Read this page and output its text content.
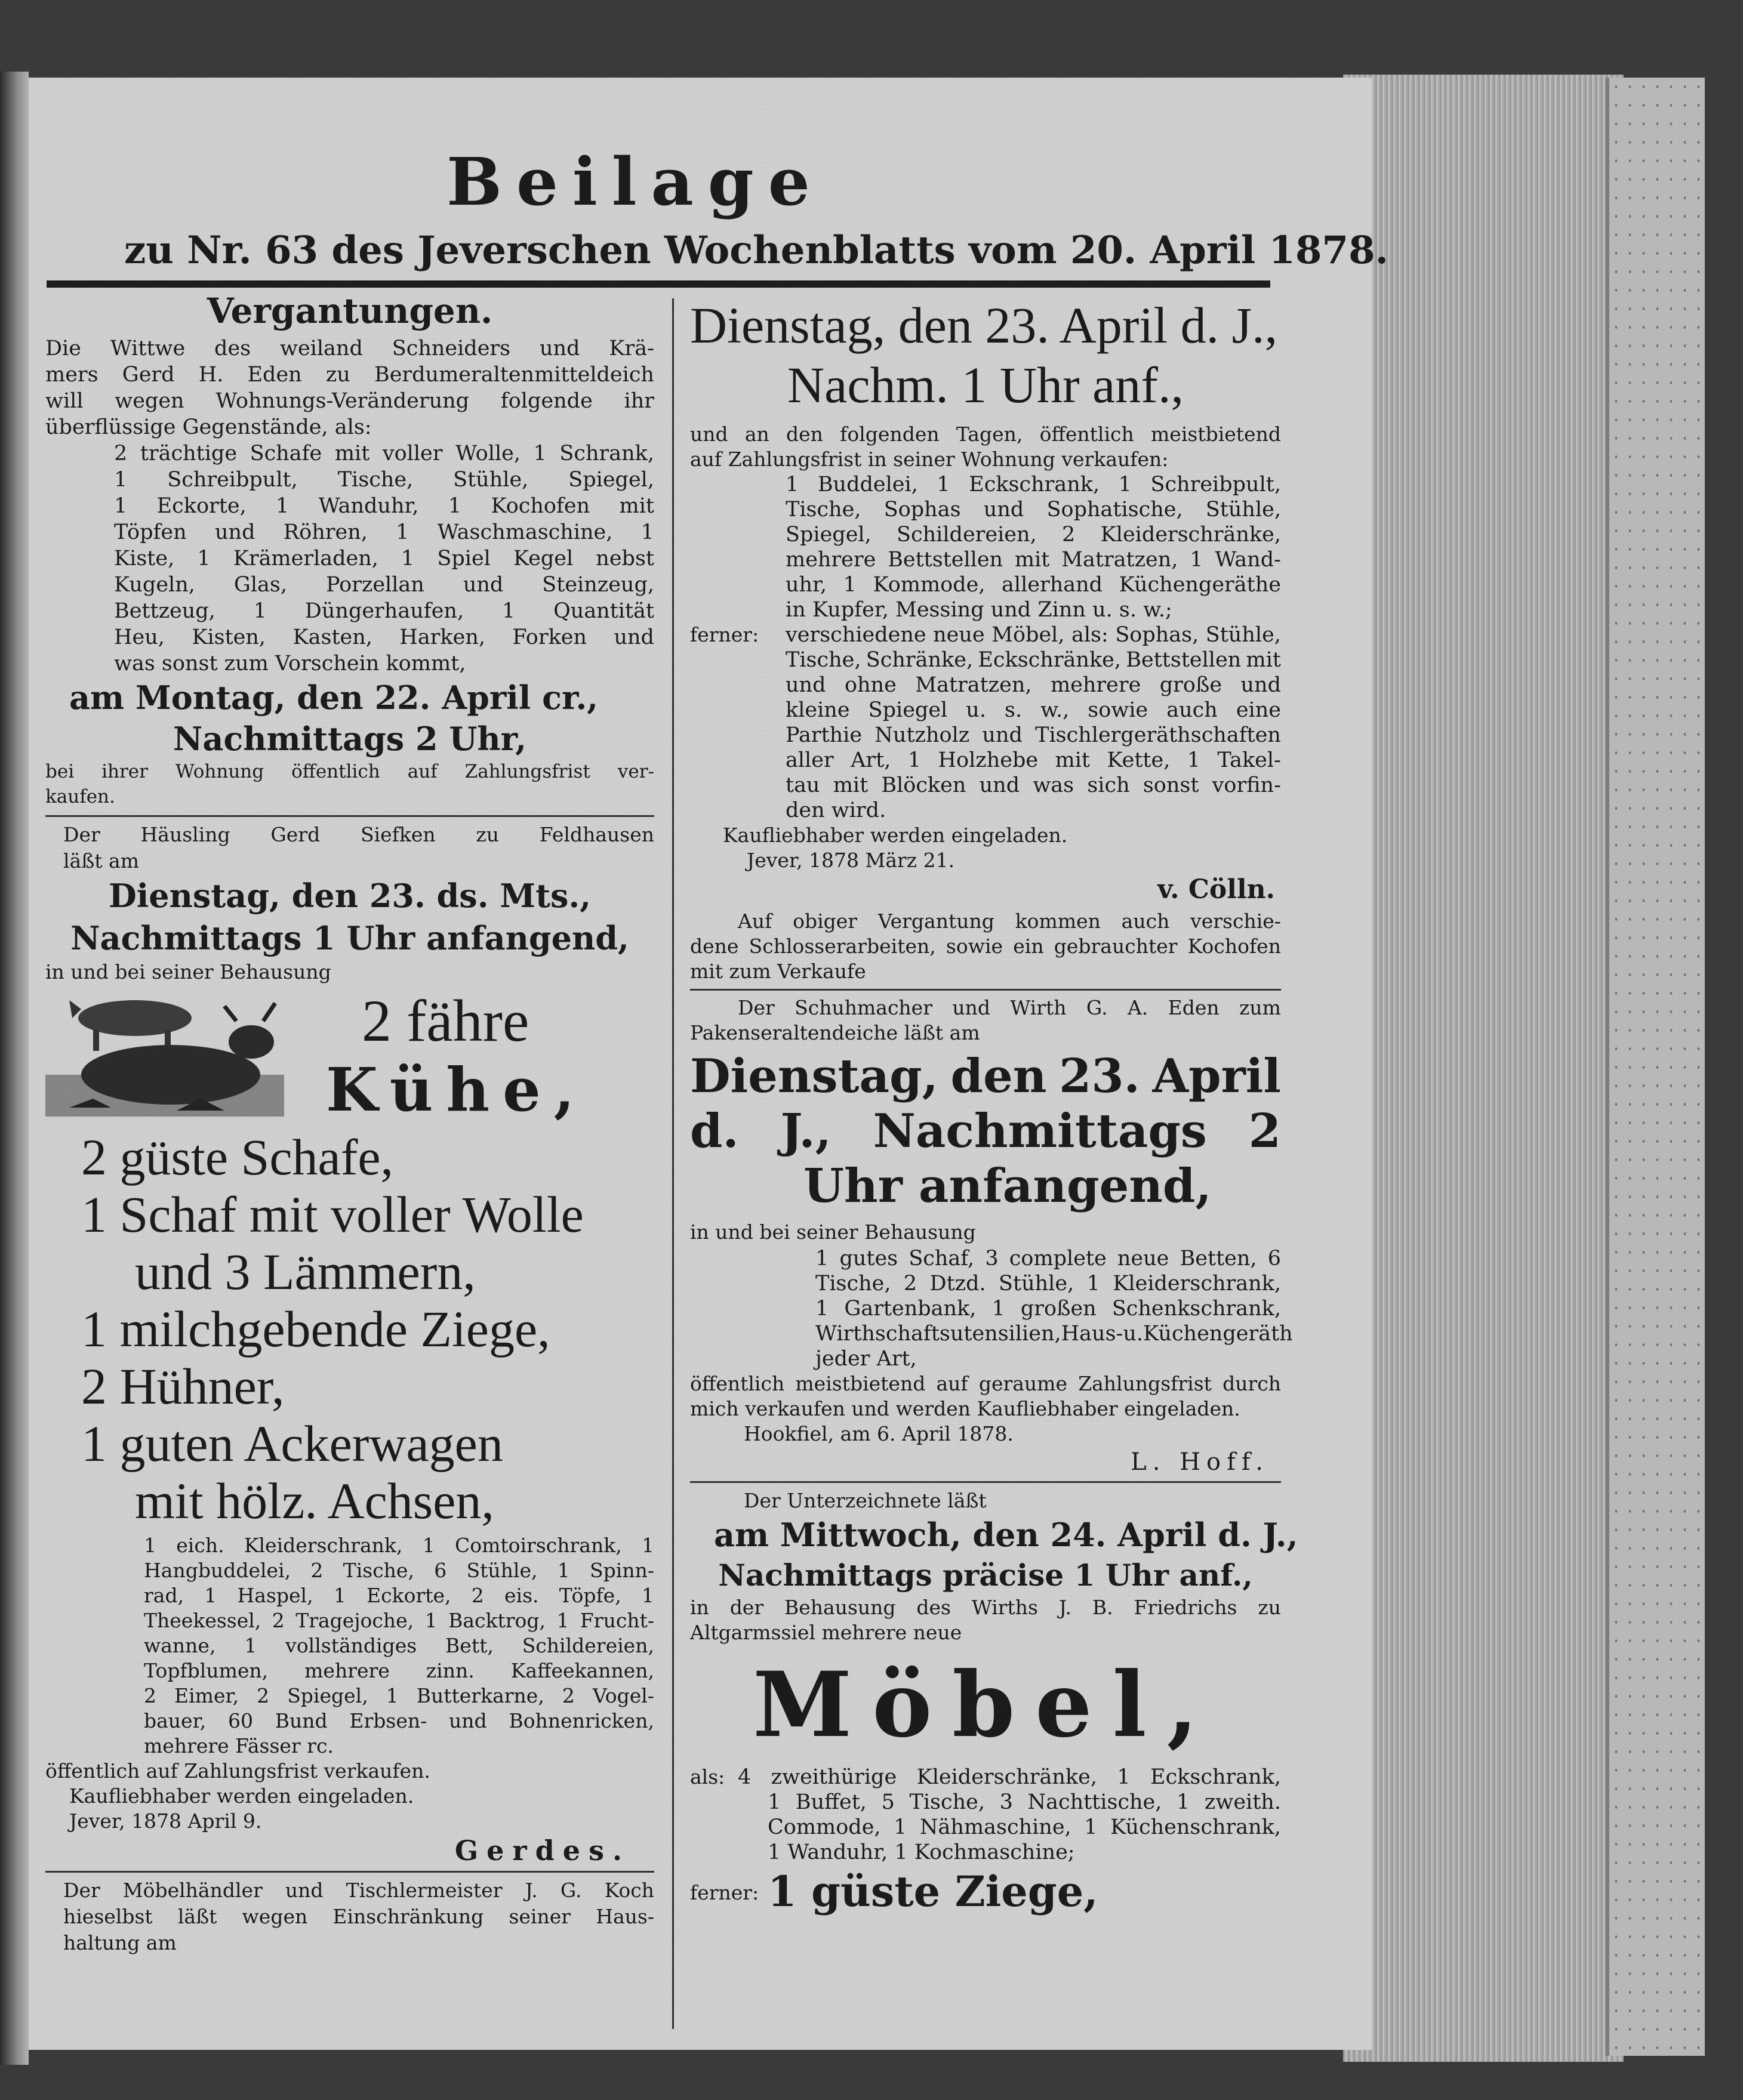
Beilage
zu Nr. 63 des Jeverschen Wochenblatts vom 20. April 1878.
Vergantungen.
Die Wittwe des weiland Schneiders und Krä-
mers Gerd H. Eden zu Berdumeraltenmitteldeich
will wegen Wohnungs-Veränderung folgende ihr
überflüssige Gegenstände, als:
2 trächtige Schafe mit voller Wolle, 1 Schrank,
1 Schreibpult, Tische, Stühle, Spiegel,
1 Eckorte, 1 Wanduhr, 1 Kochofen mit
Töpfen und Röhren, 1 Waschmaschine, 1
Kiste, 1 Krämerladen, 1 Spiel Kegel nebst
Kugeln, Glas, Porzellan und Steinzeug,
Bettzeug, 1 Düngerhaufen, 1 Quantität
Heu, Kisten, Kasten, Harken, Forken und
was sonst zum Vorschein kommt,
am Montag, den 22. April cr.,
Nachmittags 2 Uhr,
bei ihrer Wohnung öffentlich auf Zahlungsfrist ver-
kaufen.
Der Häusling Gerd Siefken zu Feldhausen
läßt am
Dienstag, den 23. ds. Mts.,
Nachmittags 1 Uhr anfangend,
in und bei seiner Behausung
2 fähre
Kühe,
2 güste Schafe,
1 Schaf mit voller Wolle
und 3 Lämmern,
1 milchgebende Ziege,
2 Hühner,
1 guten Ackerwagen
mit hölz. Achsen,
1 eich. Kleiderschrank, 1 Comtoirschrank, 1
Hangbuddelei, 2 Tische, 6 Stühle, 1 Spinn-
rad, 1 Haspel, 1 Eckorte, 2 eis. Töpfe, 1
Theekessel, 2 Tragejoche, 1 Backtrog, 1 Frucht-
wanne, 1 vollständiges Bett, Schildereien,
Topfblumen, mehrere zinn. Kaffeekannen,
2 Eimer, 2 Spiegel, 1 Butterkarne, 2 Vogel-
bauer, 60 Bund Erbsen- und Bohnenricken,
mehrere Fässer rc.
öffentlich auf Zahlungsfrist verkaufen.
Kaufliebhaber werden eingeladen.
Jever, 1878 April 9.
Gerdes.
Der Möbelhändler und Tischlermeister J. G. Koch
hieselbst läßt wegen Einschränkung seiner Haus-
haltung am
Dienstag, den 23. April d. J.,
Nachm. 1 Uhr anf.,
und an den folgenden Tagen, öffentlich meistbietend
auf Zahlungsfrist in seiner Wohnung verkaufen:
1 Buddelei, 1 Eckschrank, 1 Schreibpult,
Tische, Sophas und Sophatische, Stühle,
Spiegel, Schildereien, 2 Kleiderschränke,
mehrere Bettstellen mit Matratzen, 1 Wand-
uhr, 1 Kommode, allerhand Küchengeräthe
in Kupfer, Messing und Zinn u. s. w.;
ferner: verschiedene neue Möbel, als: Sophas, Stühle,
Tische, Schränke, Eckschränke, Bettstellen mit
und ohne Matratzen, mehrere große und
kleine Spiegel u. s. w., sowie auch eine
Parthie Nutzholz und Tischlergeräthschaften
aller Art, 1 Holzhebe mit Kette, 1 Takel-
tau mit Blöcken und was sich sonst vorfin-
den wird.
Kaufliebhaber werden eingeladen.
Jever, 1878 März 21.
v. Cölln.
Auf obiger Vergantung kommen auch verschie-
dene Schlosserarbeiten, sowie ein gebrauchter Kochofen
mit zum Verkaufe
Der Schuhmacher und Wirth G. A. Eden zum
Pakenseraltendeiche läßt am
Dienstag, den 23. April
d. J., Nachmittags 2
Uhr anfangend,
in und bei seiner Behausung
1 gutes Schaf, 3 complete neue Betten, 6
Tische, 2 Dtzd. Stühle, 1 Kleiderschrank,
1 Gartenbank, 1 großen Schenkschrank,
Wirthschaftsutensilien, Haus- u. Küchengeräth
jeder Art,
öffentlich meistbietend auf geraume Zahlungsfrist durch
mich verkaufen und werden Kaufliebhaber eingeladen.
Hookfiel, am 6. April 1878.
L. Hoff.
Der Unterzeichnete läßt
am Mittwoch, den 24. April d. J.,
Nachmittags präcise 1 Uhr anf.,
in der Behausung des Wirths J. B. Friedrichs zu
Altgarmssiel mehrere neue
Möbel,
als: 4 zweithürige Kleiderschränke, 1 Eckschrank,
1 Buffet, 5 Tische, 3 Nachttische, 1 zweith.
Commode, 1 Nähmaschine, 1 Küchenschrank,
1 Wanduhr, 1 Kochmaschine;
ferner: 1 güste Ziege,
